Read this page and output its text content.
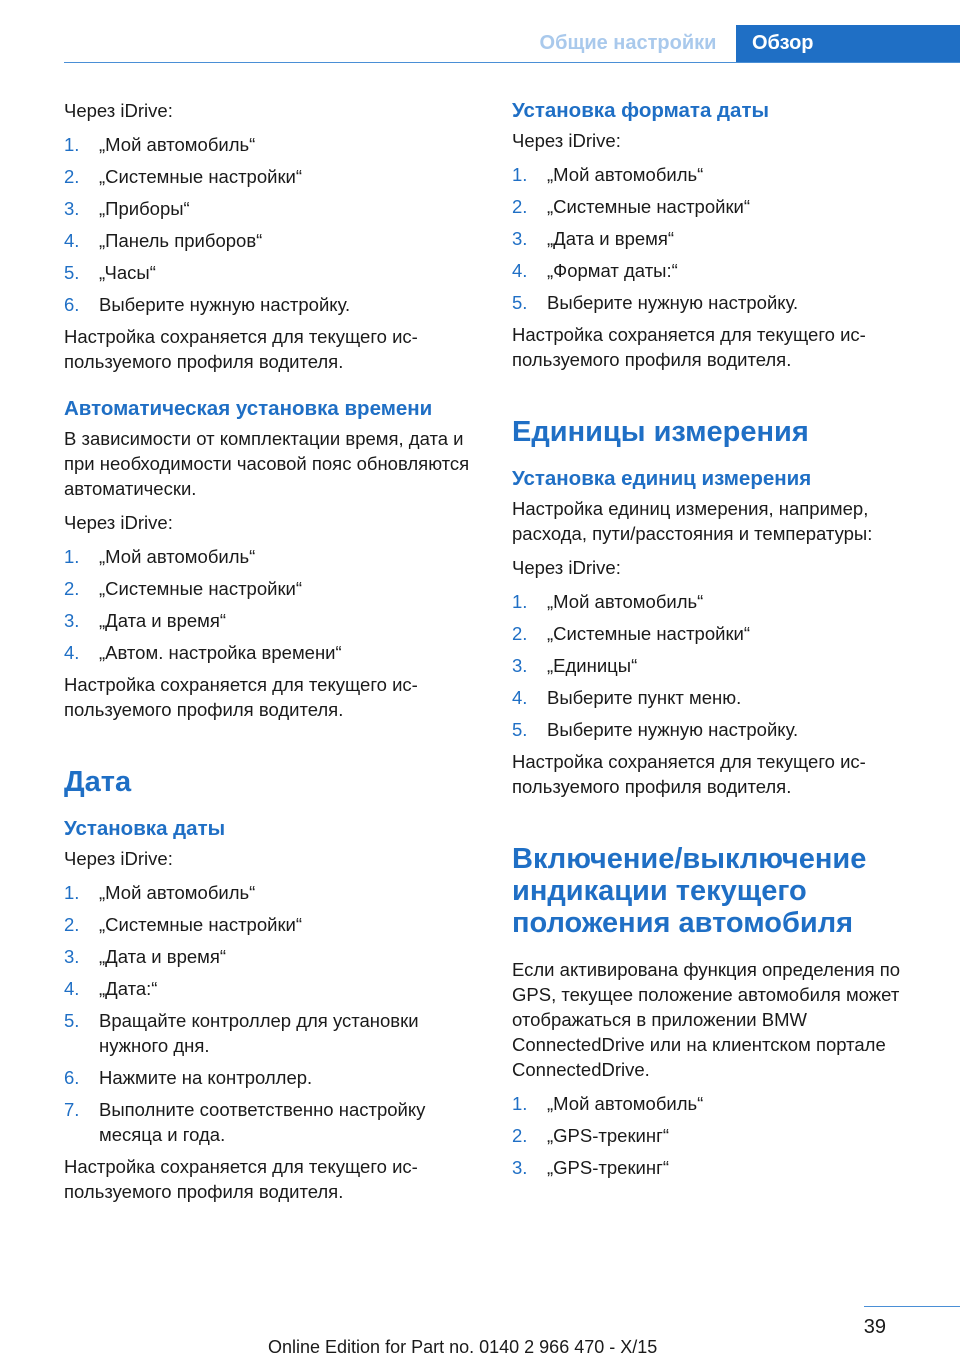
Общие настройки	Обзор

Через iDrive:

1. „Мой автомобиль“
2. „Системные настройки“
3. „Приборы“
4. „Панель приборов“
5. „Часы“
6. Выберите нужную настройку.

Настройка сохраняется для текущего используемого профиля водителя.

Автоматическая установка времени

В зависимости от комплектации время, дата и при необходимости часовой пояс обновляются автоматически.

Через iDrive:

1. „Мой автомобиль“
2. „Системные настройки“
3. „Дата и время“
4. „Автом. настройка времени“

Настройка сохраняется для текущего используемого профиля водителя.

Дата
Установка даты

Через iDrive:

1. „Мой автомобиль“
2. „Системные настройки“
3. „Дата и время“
4. „Дата:“
5. Вращайте контроллер для установки нужного дня.
6. Нажмите на контроллер.
7. Выполните соответственно настройку месяца и года.

Настройка сохраняется для текущего используемого профиля водителя.

Установка формата даты

Через iDrive:

1. „Мой автомобиль“
2. „Системные настройки“
3. „Дата и время“
4. „Формат даты:“
5. Выберите нужную настройку.

Настройка сохраняется для текущего используемого профиля водителя.

Единицы измерения
Установка единиц измерения

Настройка единиц измерения, например, расхода, пути/расстояния и температуры:

Через iDrive:

1. „Мой автомобиль“
2. „Системные настройки“
3. „Единицы“
4. Выберите пункт меню.
5. Выберите нужную настройку.

Настройка сохраняется для текущего используемого профиля водителя.

Включение/выключение индикации текущего положения автомобиля

Если активирована функция определения по GPS, текущее положение автомобиля может отображаться в приложении BMW ConnectedDrive или на клиентском портале ConnectedDrive.

1. „Мой автомобиль“
2. „GPS-трекинг“
3. „GPS-трекинг“
39
Online Edition for Part no. 0140 2 966 470 - X/15
